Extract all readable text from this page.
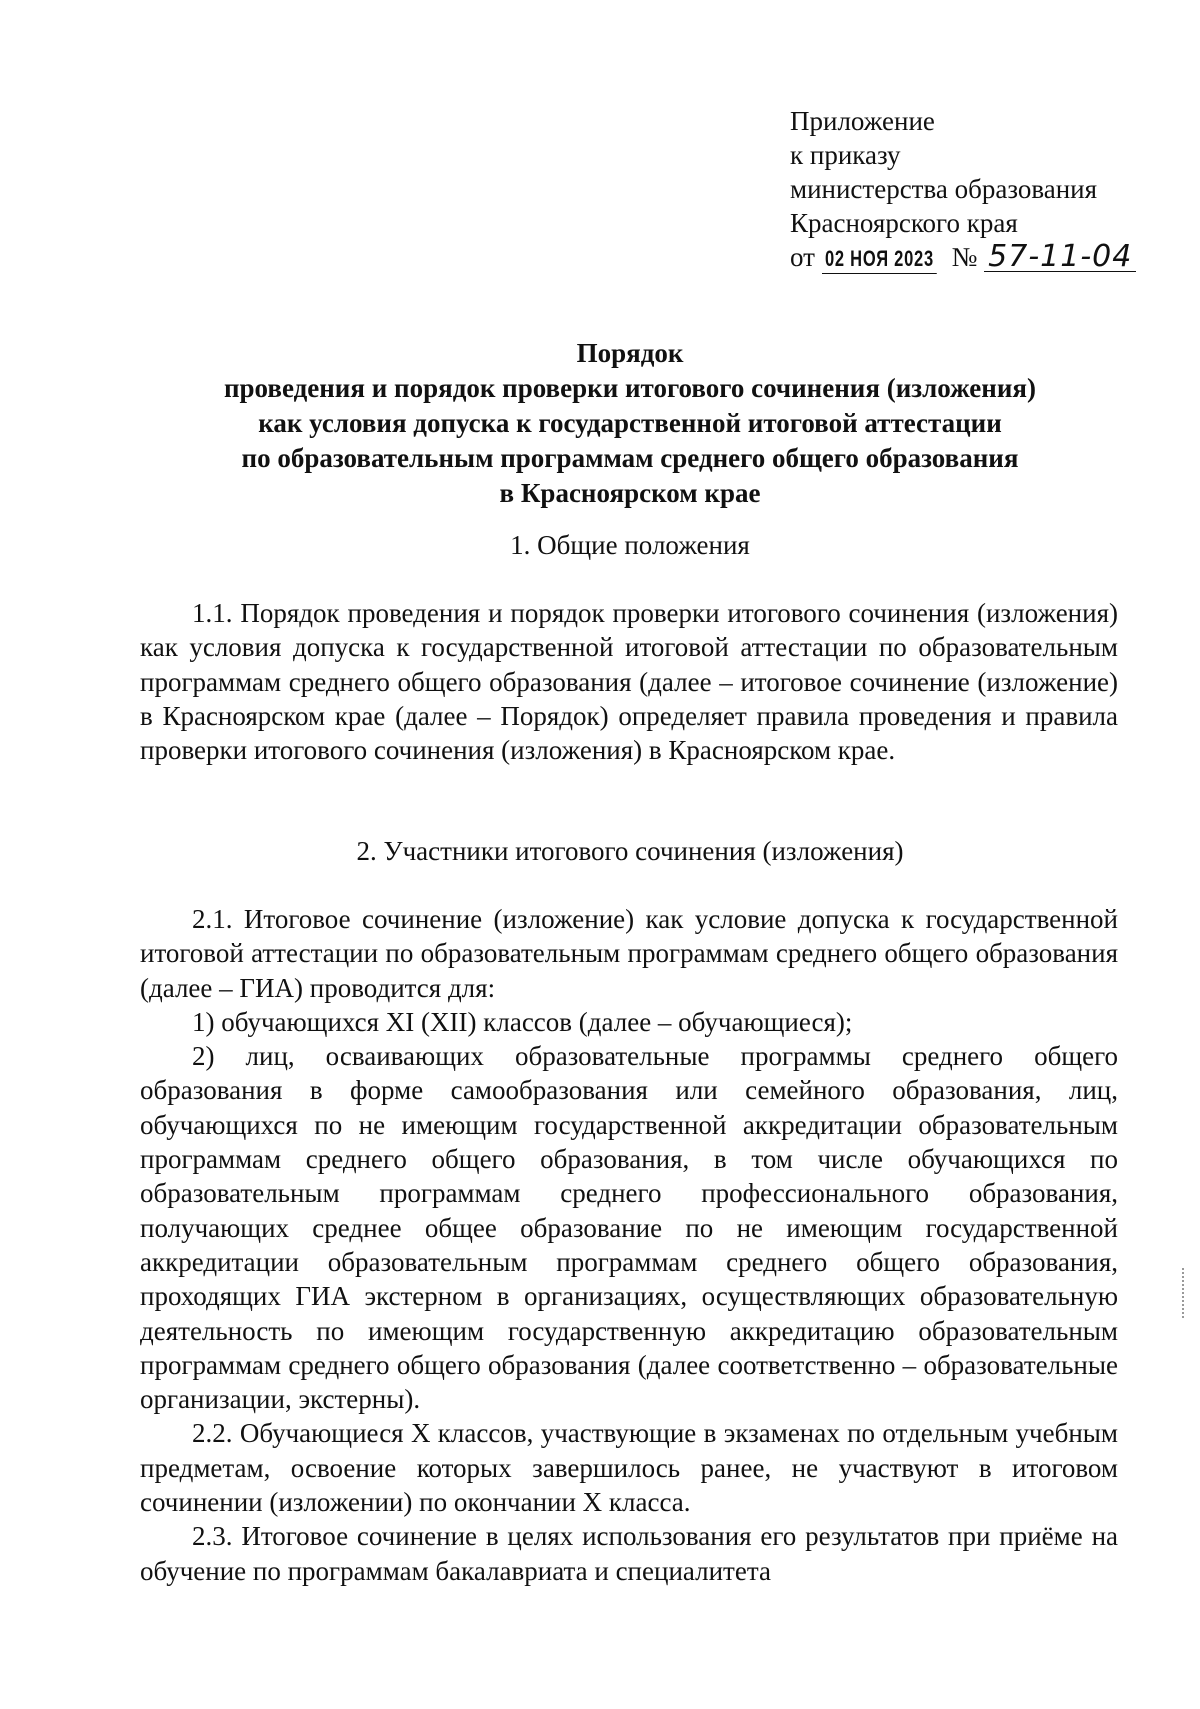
Приложение
к приказу
министерства образования
Красноярского края
от 02 НОЯ 2023 № 57-11-04
Порядок
проведения и порядок проверки итогового сочинения (изложения)
как условия допуска к государственной итоговой аттестации
по образовательным программам среднего общего образования
в Красноярском крае
1. Общие положения

1.1. Порядок проведения и порядок проверки итогового сочинения (изложения) как условия допуска к государственной итоговой аттестации по образовательным программам среднего общего образования (далее – итоговое сочинение (изложение) в Красноярском крае (далее – Порядок) определяет правила проведения и правила проверки итогового сочинения (изложения) в Красноярском крае.

2. Участники итогового сочинения (изложения)

2.1. Итоговое сочинение (изложение) как условие допуска к государственной итоговой аттестации по образовательным программам среднего общего образования (далее – ГИА) проводится для:

1) обучающихся XI (XII) классов (далее – обучающиеся);

2) лиц, осваивающих образовательные программы среднего общего образования в форме самообразования или семейного образования, лиц, обучающихся по не имеющим государственной аккредитации образовательным программам среднего общего образования, в том числе обучающихся по образовательным программам среднего профессионального образования, получающих среднее общее образование по не имеющим государственной аккредитации образовательным программам среднего общего образования, проходящих ГИА экстерном в организациях, осуществляющих образовательную деятельность по имеющим государственную аккредитацию образовательным программам среднего общего образования (далее соответственно – образовательные организации, экстерны).

2.2. Обучающиеся X классов, участвующие в экзаменах по отдельным учебным предметам, освоение которых завершилось ранее, не участвуют в итоговом сочинении (изложении) по окончании X класса.

2.3. Итоговое сочинение в целях использования его результатов при приёме на обучение по программам бакалавриата и специалитета
